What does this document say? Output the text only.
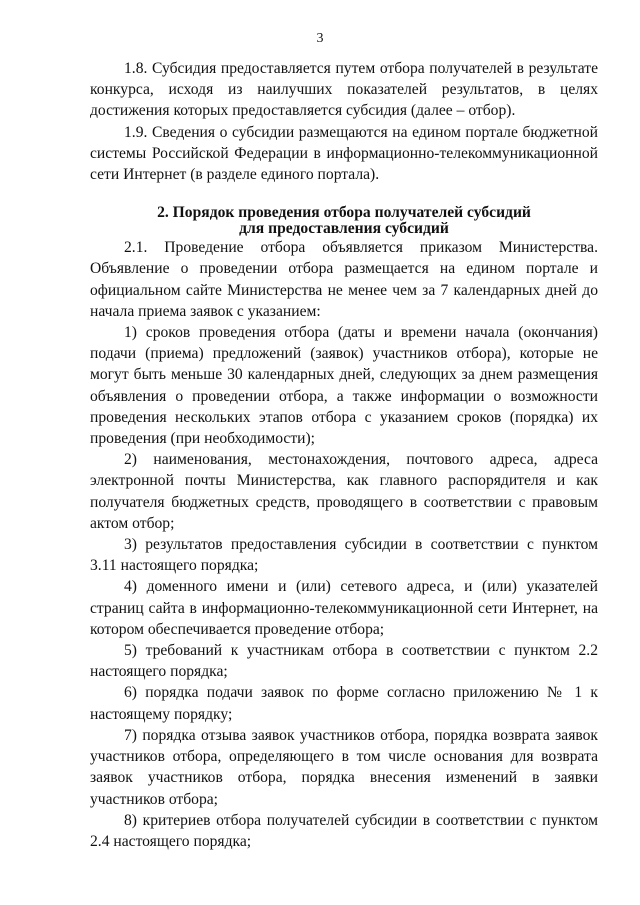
3

1.8. Субсидия предоставляется путем отбора получателей в результате конкурса, исходя из наилучших показателей результатов, в целях достижения которых предоставляется субсидия (далее – отбор).

1.9. Сведения о субсидии размещаются на едином портале бюджетной системы Российской Федерации в информационно-телекоммуникационной сети Интернет (в разделе единого портала).

2. Порядок проведения отбора получателей субсидий

для предоставления субсидий

2.1. Проведение отбора объявляется приказом Министерства. Объявление о проведении отбора размещается на едином портале и официальном сайте Министерства не менее чем за 7 календарных дней до начала приема заявок с указанием:

1) сроков проведения отбора (даты и времени начала (окончания) подачи (приема) предложений (заявок) участников отбора), которые не могут быть меньше 30 календарных дней, следующих за днем размещения объявления о проведении отбора, а также информации о возможности проведения нескольких этапов отбора с указанием сроков (порядка) их проведения (при необходимости);

2) наименования, местонахождения, почтового адреса, адреса электронной почты Министерства, как главного распорядителя и как получателя бюджетных средств, проводящего в соответствии с правовым актом отбор;

3) результатов предоставления субсидии в соответствии с пунктом 3.11 настоящего порядка;

4) доменного имени и (или) сетевого адреса, и (или) указателей страниц сайта в информационно-телекоммуникационной сети Интернет, на котором обеспечивается проведение отбора;

5) требований к участникам отбора в соответствии с пунктом 2.2 настоящего порядка;

6) порядка подачи заявок по форме согласно приложению № 1 к настоящему порядку;

7) порядка отзыва заявок участников отбора, порядка возврата заявок участников отбора, определяющего в том числе основания для возврата заявок участников отбора, порядка внесения изменений в заявки участников отбора;

8) критериев отбора получателей субсидии в соответствии с пунктом 2.4 настоящего порядка;
